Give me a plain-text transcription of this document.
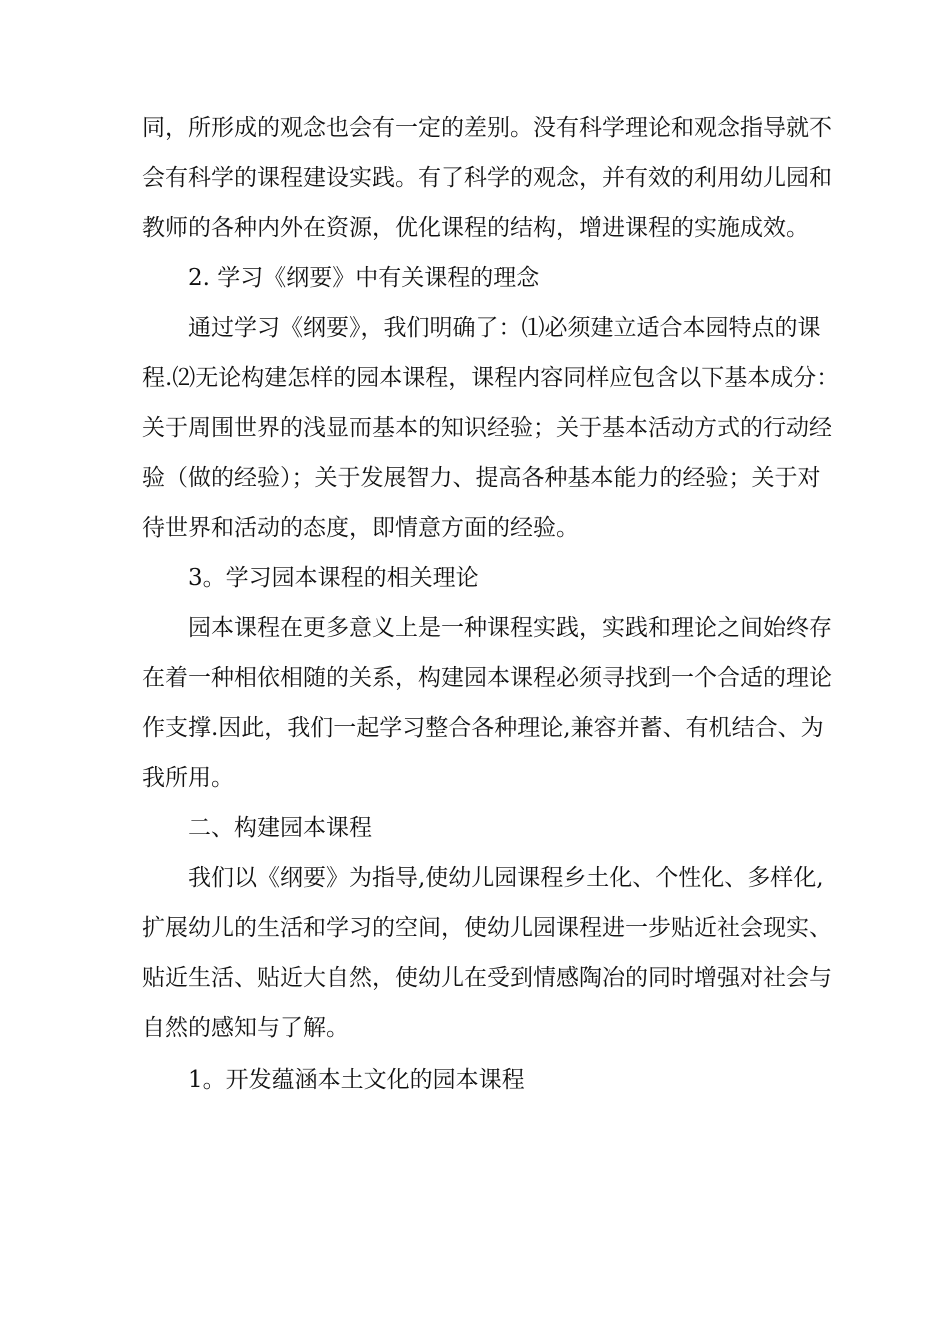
同，所形成的观念也会有一定的差别。没有科学理论和观念指导就不
会有科学的课程建设实践。有了科学的观念，并有效的利用幼儿园和
教师的各种内外在资源，优化课程的结构，增进课程的实施成效。
2. 学习《纲要》中有关课程的理念
通过学习《纲要》，我们明确了：⑴必须建立适合本园特点的课
程.⑵无论构建怎样的园本课程，课程内容同样应包含以下基本成分：
关于周围世界的浅显而基本的知识经验；关于基本活动方式的行动经
验（做的经验）；关于发展智力、提高各种基本能力的经验；关于对
待世界和活动的态度，即情意方面的经验。
3。学习园本课程的相关理论
园本课程在更多意义上是一种课程实践，实践和理论之间始终存
在着一种相依相随的关系，构建园本课程必须寻找到一个合适的理论
作支撑.因此，我们一起学习整合各种理论,兼容并蓄、有机结合、为
我所用。
二、构建园本课程
我们以《纲要》为指导,使幼儿园课程乡土化、个性化、多样化,
扩展幼儿的生活和学习的空间，使幼儿园课程进一步贴近社会现实、
贴近生活、贴近大自然，使幼儿在受到情感陶冶的同时增强对社会与
自然的感知与了解。
1。开发蕴涵本土文化的园本课程
